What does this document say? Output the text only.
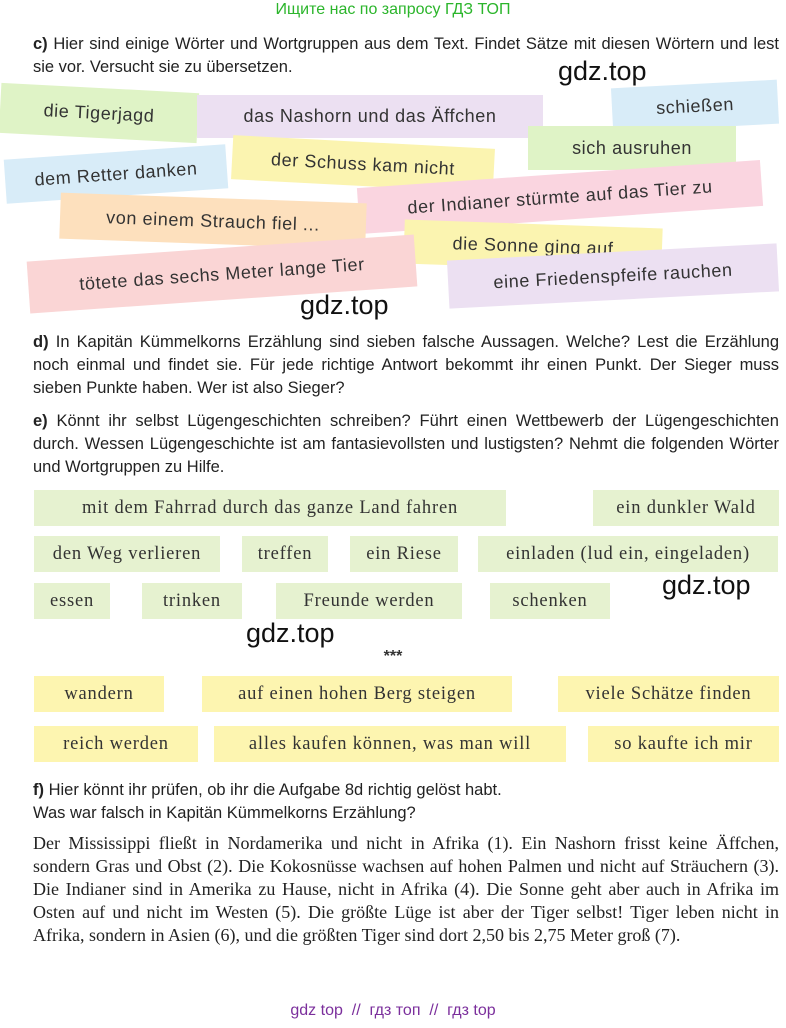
Ищите нас по запросу ГДЗ ТОП
c) Hier sind einige Wörter und Wortgruppen aus dem Text. Findet Sätze mit diesen Wörtern und lest sie vor. Versucht sie zu übersetzen.	gdz.top
die Tigerjagd	das Nashorn und das Äffchen	schießen
sich ausruhen
dem Retter danken	der Schuss kam nicht
der Indianer stürmte auf das Tier zu
von einem Strauch fiel ...
die Sonne ging auf
tötete das sechs Meter lange Tier	eine Friedenspfeife rauchen
gdz.top
d) In Kapitän Kümmelkorns Erzählung sind sieben falsche Aussagen. Welche? Lest die Erzählung noch einmal und findet sie. Für jede richtige Antwort bekommt ihr einen Punkt. Der Sieger muss sieben Punkte haben. Wer ist also Sieger?
e) Könnt ihr selbst Lügengeschichten schreiben? Führt einen Wettbewerb der Lügengeschichten durch. Wessen Lügengeschichte ist am fantasievollsten und lustigsten? Nehmt die folgenden Wörter und Wortgruppen zu Hilfe.
mit dem Fahrrad durch das ganze Land fahren	ein dunkler Wald
den Weg verlieren	treffen	ein Riese	einladen (lud ein, eingeladen)
essen	trinken	Freunde werden	schenken
gdz.top
gdz.top
***
wandern	auf einen hohen Berg steigen	viele Schätze finden
reich werden	alles kaufen können, was man will	so kaufte ich mir
f) Hier könnt ihr prüfen, ob ihr die Aufgabe 8d richtig gelöst habt.
Was war falsch in Kapitän Kümmelkorns Erzählung?
Der Mississippi fließt in Nordamerika und nicht in Afrika (1). Ein Nashorn frisst keine Äffchen, sondern Gras und Obst (2). Die Kokosnüsse wachsen auf hohen Palmen und nicht auf Sträuchern (3). Die Indianer sind in Amerika zu Hause, nicht in Afrika (4). Die Sonne geht aber auch in Afrika im Osten auf und nicht im Westen (5). Die größte Lüge ist aber der Tiger selbst! Tiger leben nicht in Afrika, sondern in Asien (6), und die größten Tiger sind dort 2,50 bis 2,75 Meter groß (7).
gdz top  //  гдз топ  //  гдз top
